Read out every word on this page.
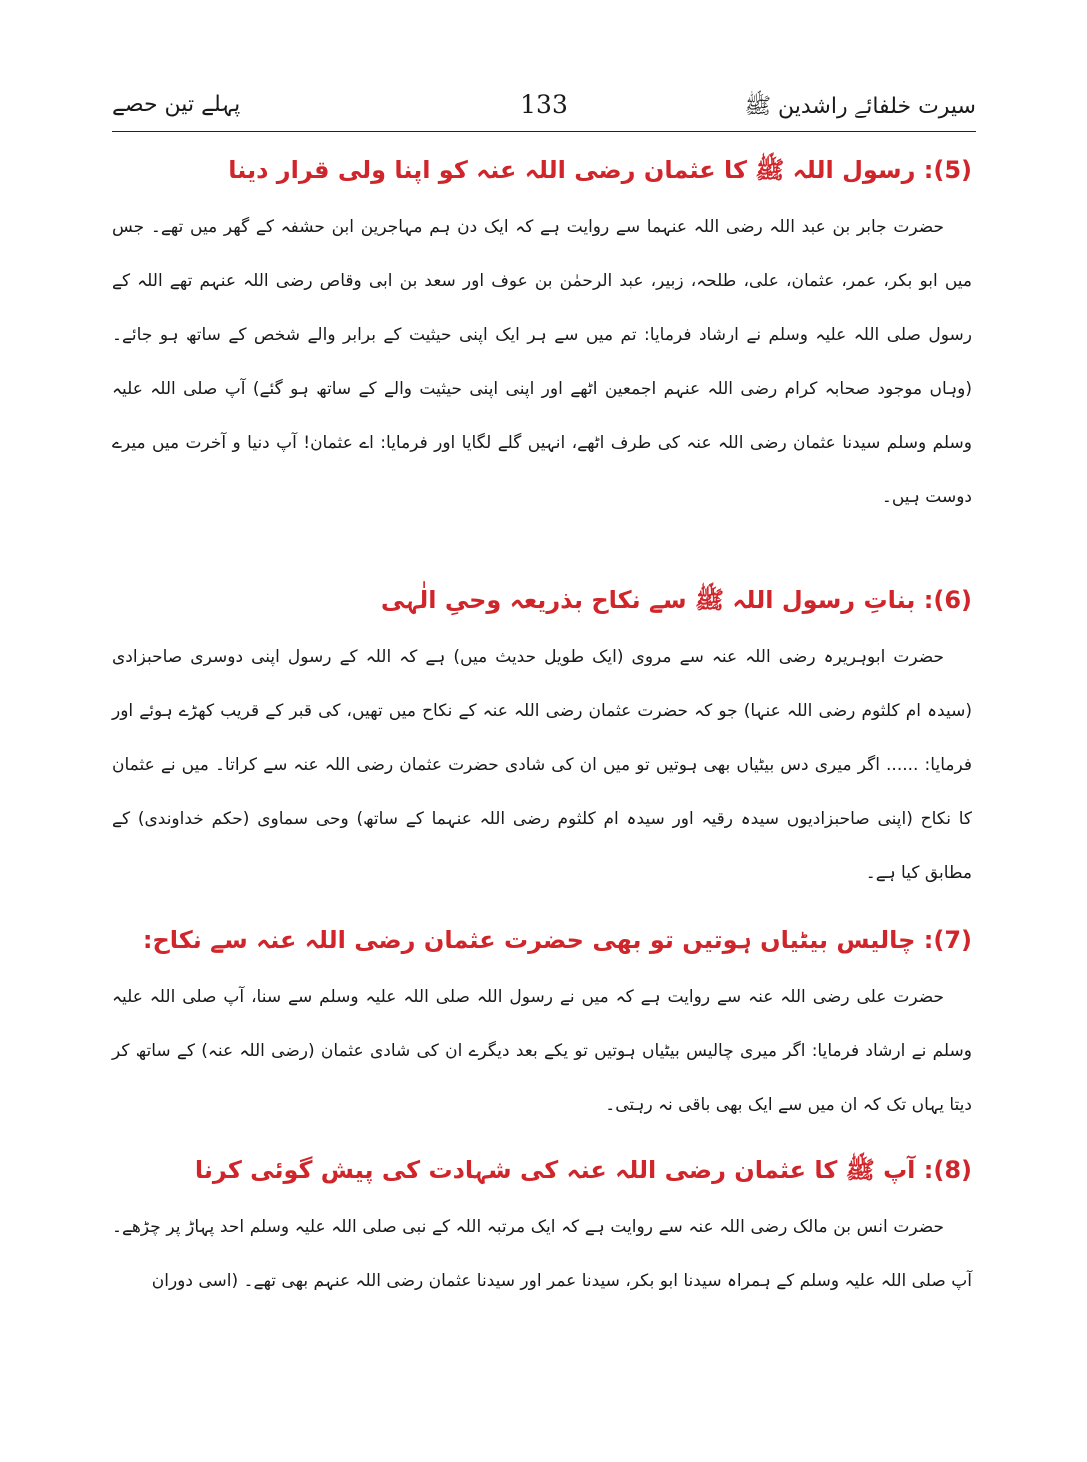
پہلے تین حصے	133	سیرت خلفائے راشدین ﷺ
(5): رسول اللہ ﷺ کا عثمان رضی اللہ عنہ کو اپنا ولی قرار دینا

حضرت جابر بن عبد اللہ رضی اللہ عنہما سے روایت ہے کہ ایک دن ہم مہاجرین ابن حشفہ کے گھر میں تھے۔ جس میں ابو بکر، عمر، عثمان، علی، طلحہ، زبیر، عبد الرحمٰن بن عوف اور سعد بن ابی وقاص رضی اللہ عنہم تھے اللہ کے رسول صلی اللہ علیہ وسلم نے ارشاد فرمایا: تم میں سے ہر ایک اپنی حیثیت کے برابر والے شخص کے ساتھ ہو جائے۔ (وہاں موجود صحابہ کرام رضی اللہ عنہم اجمعین اٹھے اور اپنی اپنی حیثیت والے کے ساتھ ہو گئے) آپ صلی اللہ علیہ وسلم وسلم سیدنا عثمان رضی اللہ عنہ کی طرف اٹھے، انہیں گلے لگایا اور فرمایا: اے عثمان! آپ دنیا و آخرت میں میرے دوست ہیں۔

(6): بناتِ رسول اللہ ﷺ سے نکاح بذریعہ وحیِ الٰہی

حضرت ابوہریرہ رضی اللہ عنہ سے مروی (ایک طویل حدیث میں) ہے کہ اللہ کے رسول اپنی دوسری صاحبزادی (سیدہ ام کلثوم رضی اللہ عنہا) جو کہ حضرت عثمان رضی اللہ عنہ کے نکاح میں تھیں، کی قبر کے قریب کھڑے ہوئے اور فرمایا: ...... اگر میری دس بیٹیاں بھی ہوتیں تو میں ان کی شادی حضرت عثمان رضی اللہ عنہ سے کراتا۔ میں نے عثمان کا نکاح (اپنی صاحبزادیوں سیدہ رقیہ اور سیدہ ام کلثوم رضی اللہ عنہما کے ساتھ) وحی سماوی (حکم خداوندی) کے مطابق کیا ہے۔

(7): چالیس بیٹیاں ہوتیں تو بھی حضرت عثمان رضی اللہ عنہ سے نکاح:

حضرت علی رضی اللہ عنہ سے روایت ہے کہ میں نے رسول اللہ صلی اللہ علیہ وسلم سے سنا، آپ صلی اللہ علیہ وسلم نے ارشاد فرمایا: اگر میری چالیس بیٹیاں ہوتیں تو یکے بعد دیگرے ان کی شادی عثمان (رضی اللہ عنہ) کے ساتھ کر دیتا یہاں تک کہ ان میں سے ایک بھی باقی نہ رہتی۔

(8): آپ ﷺ کا عثمان رضی اللہ عنہ کی شہادت کی پیش گوئی کرنا

حضرت انس بن مالک رضی اللہ عنہ سے روایت ہے کہ ایک مرتبہ اللہ کے نبی صلی اللہ علیہ وسلم احد پہاڑ پر چڑھے۔ آپ صلی اللہ علیہ وسلم کے ہمراہ سیدنا ابو بکر، سیدنا عمر اور سیدنا عثمان رضی اللہ عنہم بھی تھے۔ (اسی دوران
